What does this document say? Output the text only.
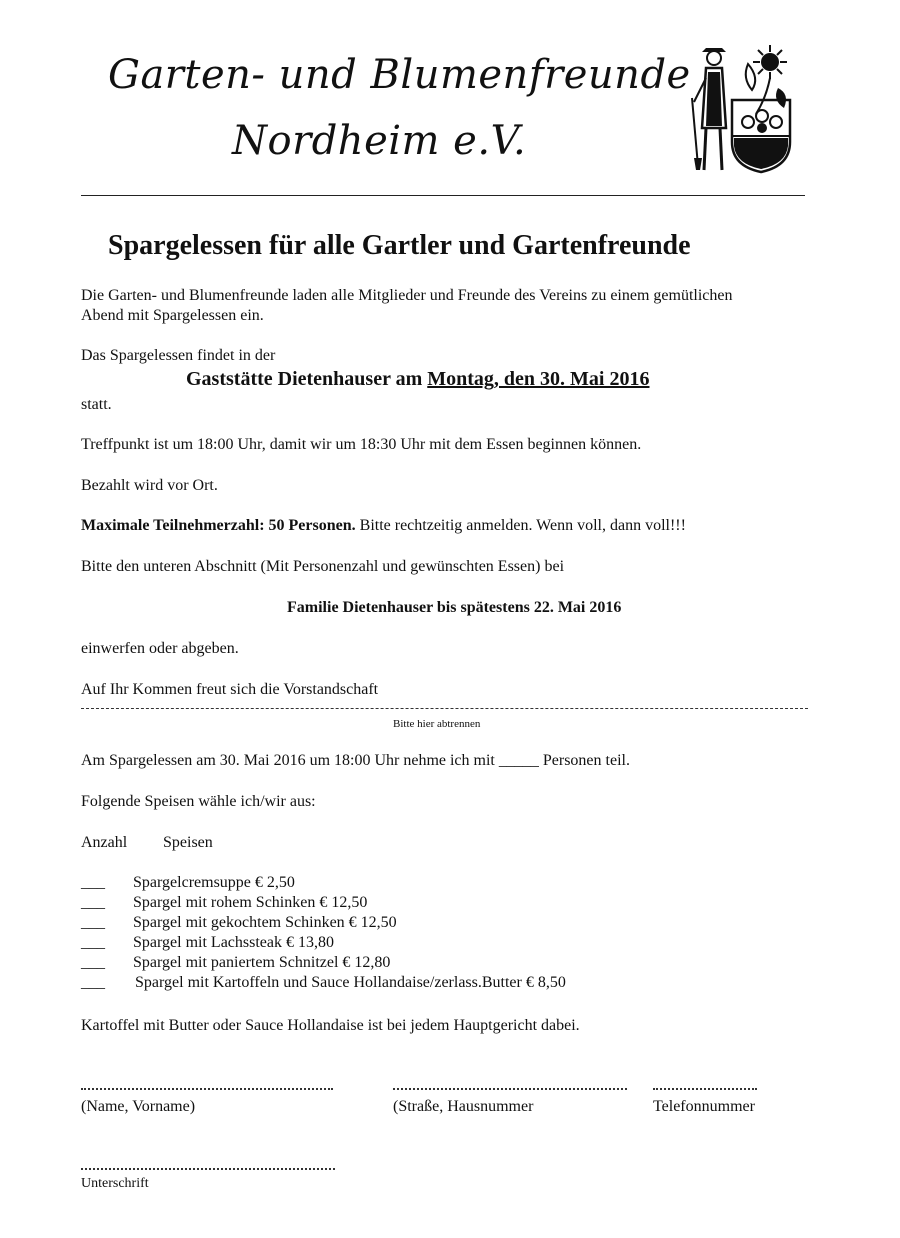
Garten- und Blumenfreunde
Nordheim e.V.
Spargelessen für alle Gartler und Gartenfreunde
Die Garten- und Blumenfreunde laden alle Mitglieder und Freunde des Vereins zu einem gemütlichen
Abend mit Spargelessen ein.
Das Spargelessen findet in der
Gaststätte Dietenhauser am Montag, den 30. Mai 2016
statt.
Treffpunkt ist um 18:00 Uhr, damit wir um 18:30 Uhr mit dem Essen beginnen können.
Bezahlt wird vor Ort.
Maximale Teilnehmerzahl: 50 Personen. Bitte rechtzeitig anmelden. Wenn voll, dann voll!!!
Bitte den unteren Abschnitt (Mit Personenzahl und gewünschten Essen) bei
Familie Dietenhauser bis spätestens 22. Mai 2016
einwerfen oder abgeben.
Auf Ihr Kommen freut sich die Vorstandschaft
Bitte hier abtrennen
Am Spargelessen am 30. Mai 2016 um 18:00 Uhr nehme ich mit _____ Personen teil.
Folgende Speisen wähle ich/wir aus:
Anzahl Speisen
___ Spargelcremsuppe € 2,50
___ Spargel mit rohem Schinken € 12,50
___ Spargel mit gekochtem Schinken € 12,50
___ Spargel mit Lachssteak € 13,80
___ Spargel mit paniertem Schnitzel € 12,80
___ Spargel mit Kartoffeln und Sauce Hollandaise/zerlass.Butter € 8,50
Kartoffel mit Butter oder Sauce Hollandaise ist bei jedem Hauptgericht dabei.
(Name, Vorname)	(Straße, Hausnummer	Telefonnummer
Unterschrift
